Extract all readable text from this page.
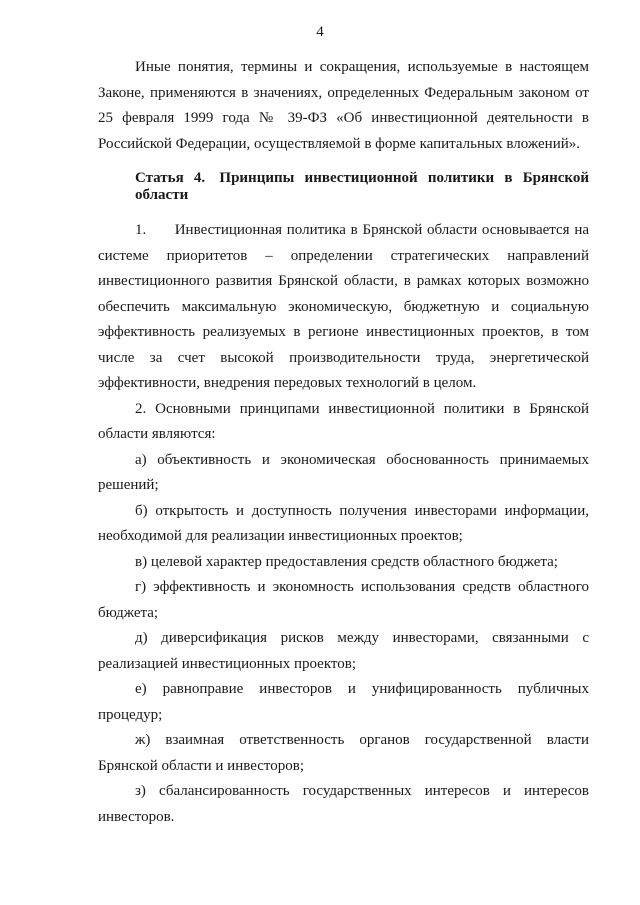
4

Иные понятия, термины и сокращения, используемые в настоящем Законе, применяются в значениях, определенных Федеральным законом от 25 февраля 1999 года № 39-ФЗ «Об инвестиционной деятельности в Российской Федерации, осуществляемой в форме капитальных вложений».

Статья 4. Принципы инвестиционной политики в Брянской области

1.      Инвестиционная политика в Брянской области основывается на системе приоритетов – определении стратегических направлений инвестиционного развития Брянской области, в рамках которых возможно обеспечить максимальную экономическую, бюджетную и социальную эффективность реализуемых в регионе инвестиционных проектов, в том числе за счет высокой производительности труда, энергетической эффективности, внедрения передовых технологий в целом.

2. Основными принципами инвестиционной политики в Брянской области являются:

а) объективность и экономическая обоснованность принимаемых решений;

б) открытость и доступность получения инвесторами информации, необходимой для реализации инвестиционных проектов;

в) целевой характер предоставления средств областного бюджета;

г) эффективность и экономность использования средств областного бюджета;

д) диверсификация рисков между инвесторами, связанными с реализацией инвестиционных проектов;

е) равноправие инвесторов и унифицированность публичных процедур;

ж) взаимная ответственность органов государственной власти Брянской области и инвесторов;

з) сбалансированность государственных интересов и интересов инвесторов.
